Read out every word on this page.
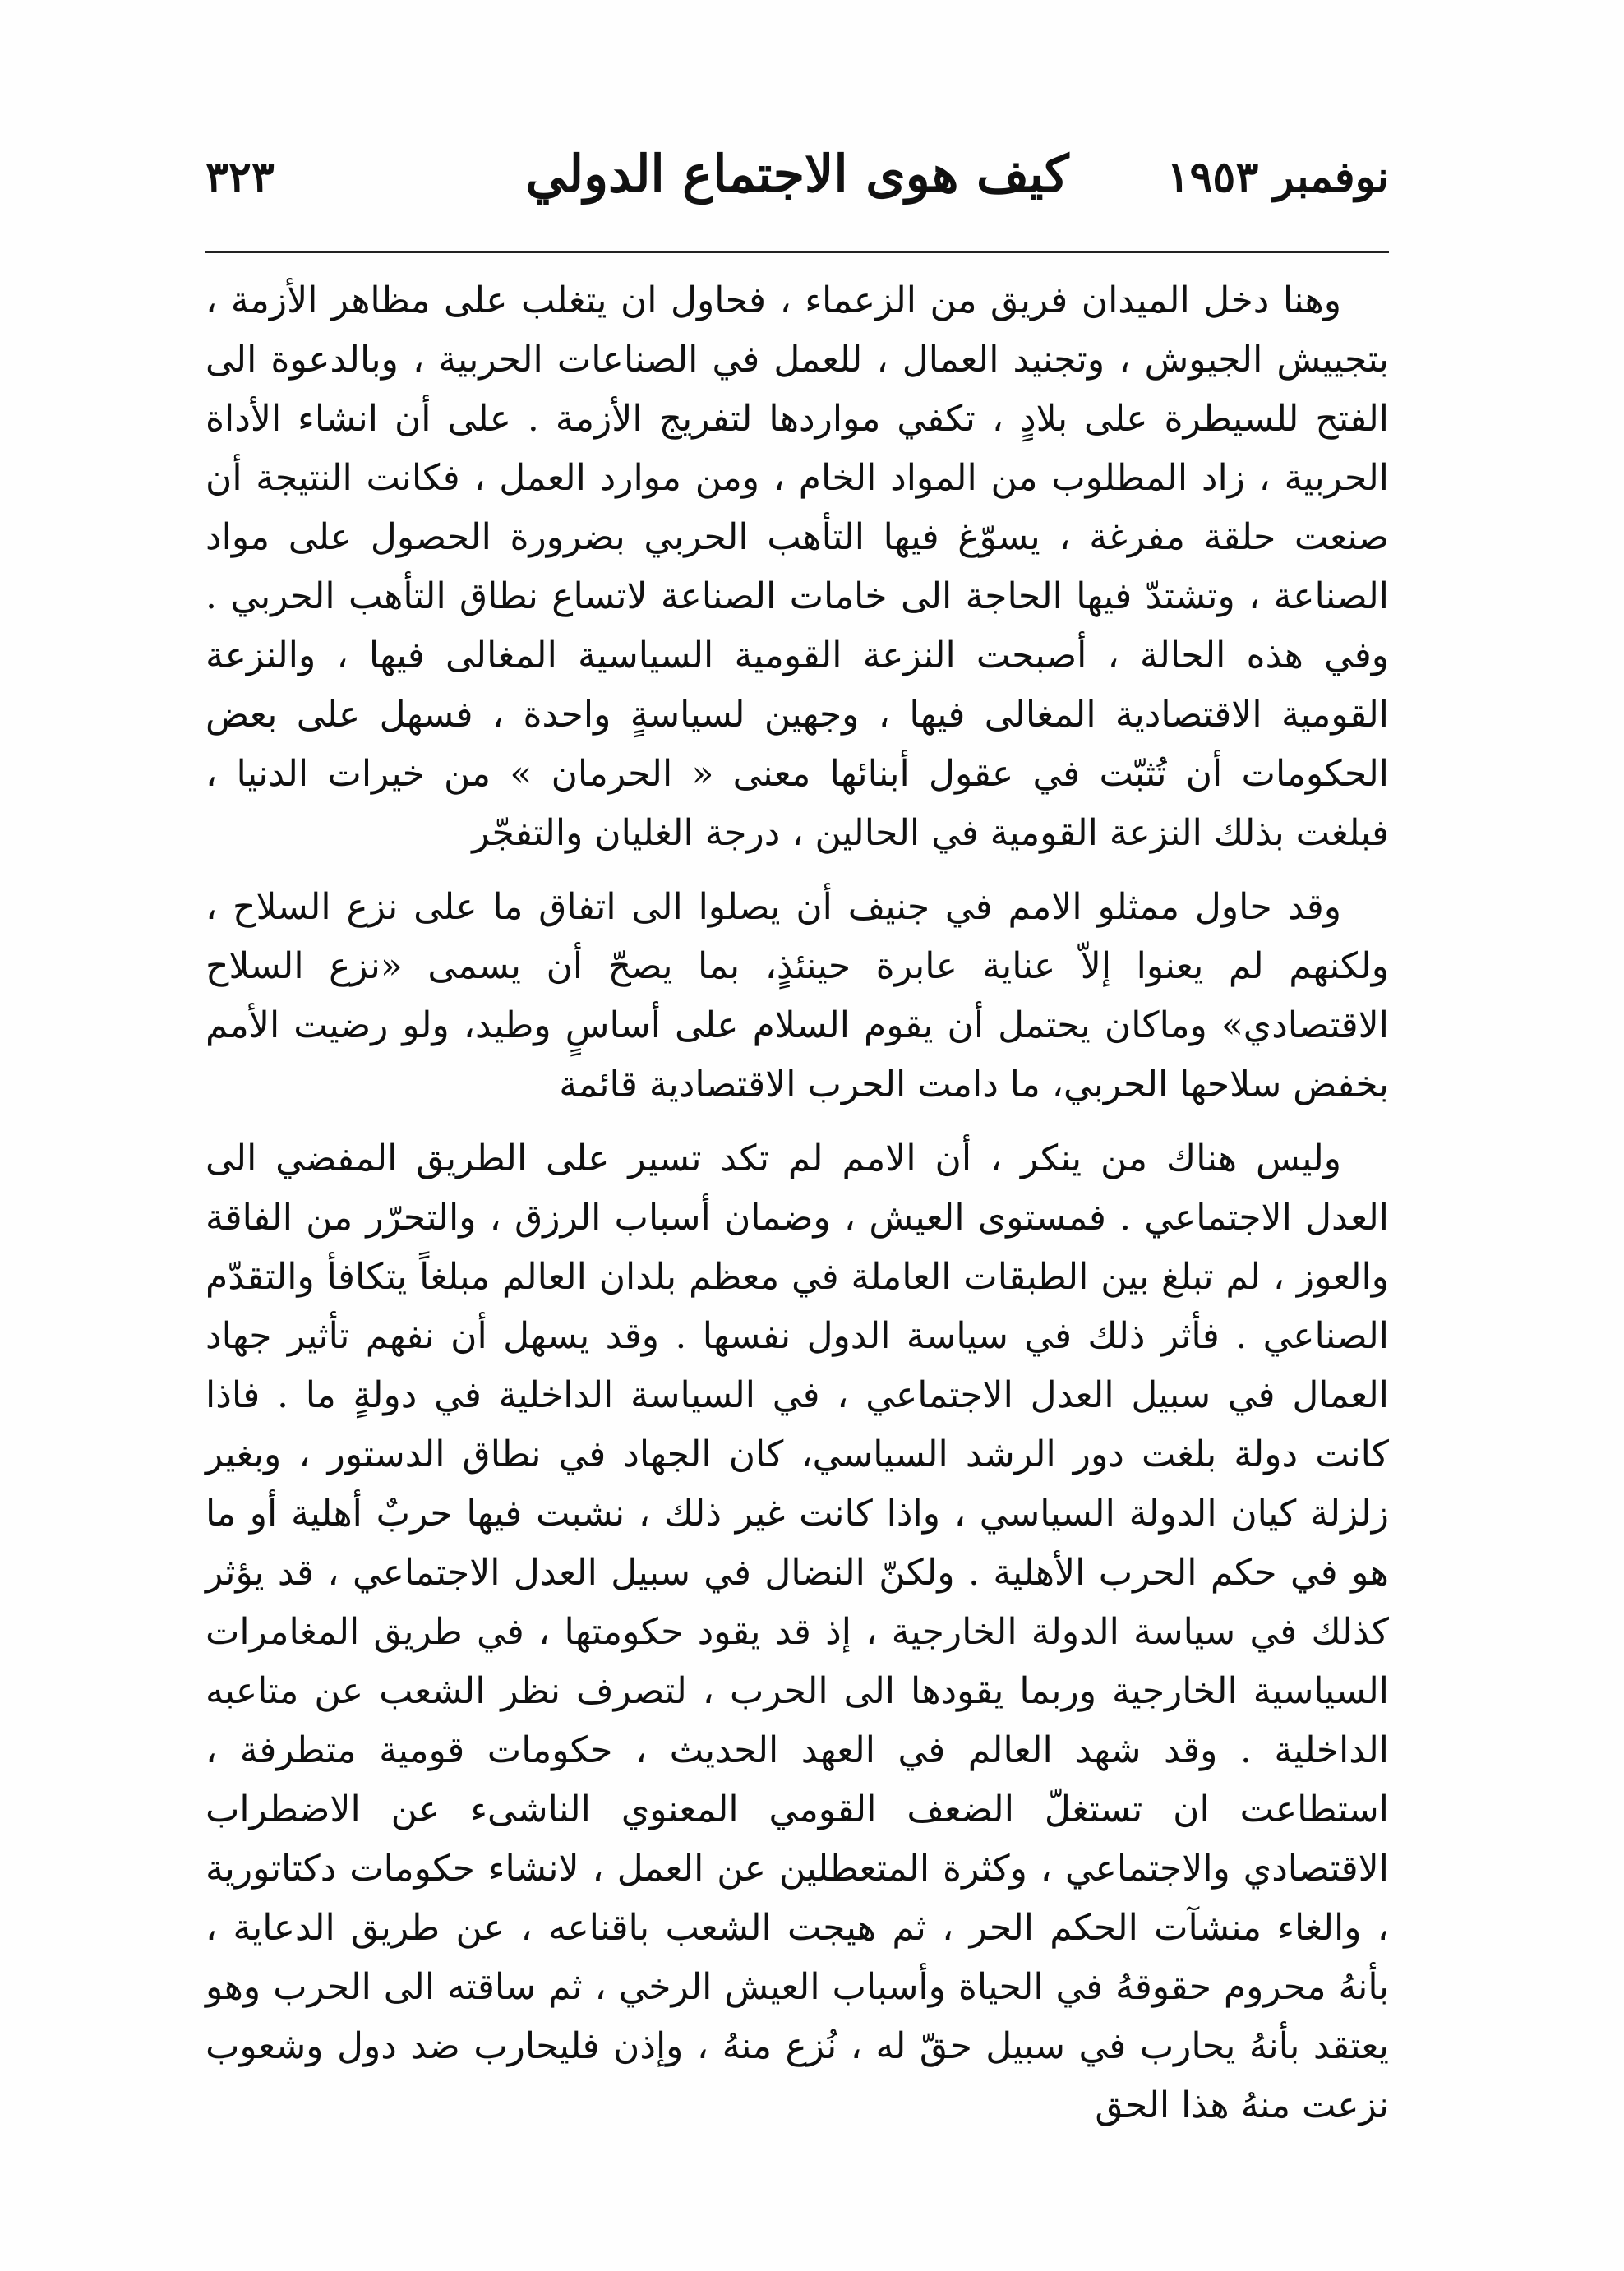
نوفمبر ١٩٥٣
كيف هوى الاجتماع الدولي
٣٢٣

وهنا دخل الميدان فريق من الزعماء ، فحاول ان يتغلب على مظاهر الأزمة ، بتجييش الجيوش ، وتجنيد العمال ، للعمل في الصناعات الحربية ، وبالدعوة الى الفتح للسيطرة على بلادٍ ، تكفي مواردها لتفريج الأزمة . على أن انشاء الأداة الحربية ، زاد المطلوب من المواد الخام ، ومن موارد العمل ، فكانت النتيجة أن صنعت حلقة مفرغة ، يسوّغ فيها التأهب الحربي بضرورة الحصول على مواد الصناعة ، وتشتدّ فيها الحاجة الى خامات الصناعة لاتساع نطاق التأهب الحربي . وفي هذه الحالة ، أصبحت النزعة القومية السياسية المغالى فيها ، والنزعة القومية الاقتصادية المغالى فيها ، وجهين لسياسةٍ واحدة ، فسهل على بعض الحكومات أن تُثبّت في عقول أبنائها معنى « الحرمان » من خيرات الدنيا ، فبلغت بذلك النزعة القومية في الحالين ، درجة الغليان والتفجّر

وقد حاول ممثلو الامم في جنيف أن يصلوا الى اتفاق ما على نزع السلاح ، ولكنهم لم يعنوا إلاّ عناية عابرة حينئذٍ، بما يصحّ أن يسمى «نزع السلاح الاقتصادي» وماكان يحتمل أن يقوم السلام على أساسٍ وطيد، ولو رضيت الأمم بخفض سلاحها الحربي، ما دامت الحرب الاقتصادية قائمة

وليس هناك من ينكر ، أن الامم لم تكد تسير على الطريق المفضي الى العدل الاجتماعي . فمستوى العيش ، وضمان أسباب الرزق ، والتحرّر من الفاقة والعوز ، لم تبلغ بين الطبقات العاملة في معظم بلدان العالم مبلغاً يتكافأ والتقدّم الصناعي . فأثر ذلك في سياسة الدول نفسها . وقد يسهل أن نفهم تأثير جهاد العمال في سبيل العدل الاجتماعي ، في السياسة الداخلية في دولةٍ ما . فاذا كانت دولة بلغت دور الرشد السياسي، كان الجهاد في نطاق الدستور ، وبغير زلزلة كيان الدولة السياسي ، واذا كانت غير ذلك ، نشبت فيها حربٌ أهلية أو ما هو في حكم الحرب الأهلية . ولكنّ النضال في سبيل العدل الاجتماعي ، قد يؤثر كذلك في سياسة الدولة الخارجية ، إذ قد يقود حكومتها ، في طريق المغامرات السياسية الخارجية وربما يقودها الى الحرب ، لتصرف نظر الشعب عن متاعبه الداخلية . وقد شهد العالم في العهد الحديث ، حكومات قومية متطرفة ، استطاعت ان تستغلّ الضعف القومي المعنوي الناشىء عن الاضطراب الاقتصادي والاجتماعي ، وكثرة المتعطلين عن العمل ، لانشاء حكومات دكتاتورية ، والغاء منشآت الحكم الحر ، ثم هيجت الشعب باقناعه ، عن طريق الدعاية ، بأنهُ محروم حقوقهُ في الحياة وأسباب العيش الرخي ، ثم ساقته الى الحرب وهو يعتقد بأنهُ يحارب في سبيل حقّ له ، نُزع منهُ ، وإذن فليحارب ضد دول وشعوب نزعت منهُ هذا الحق
